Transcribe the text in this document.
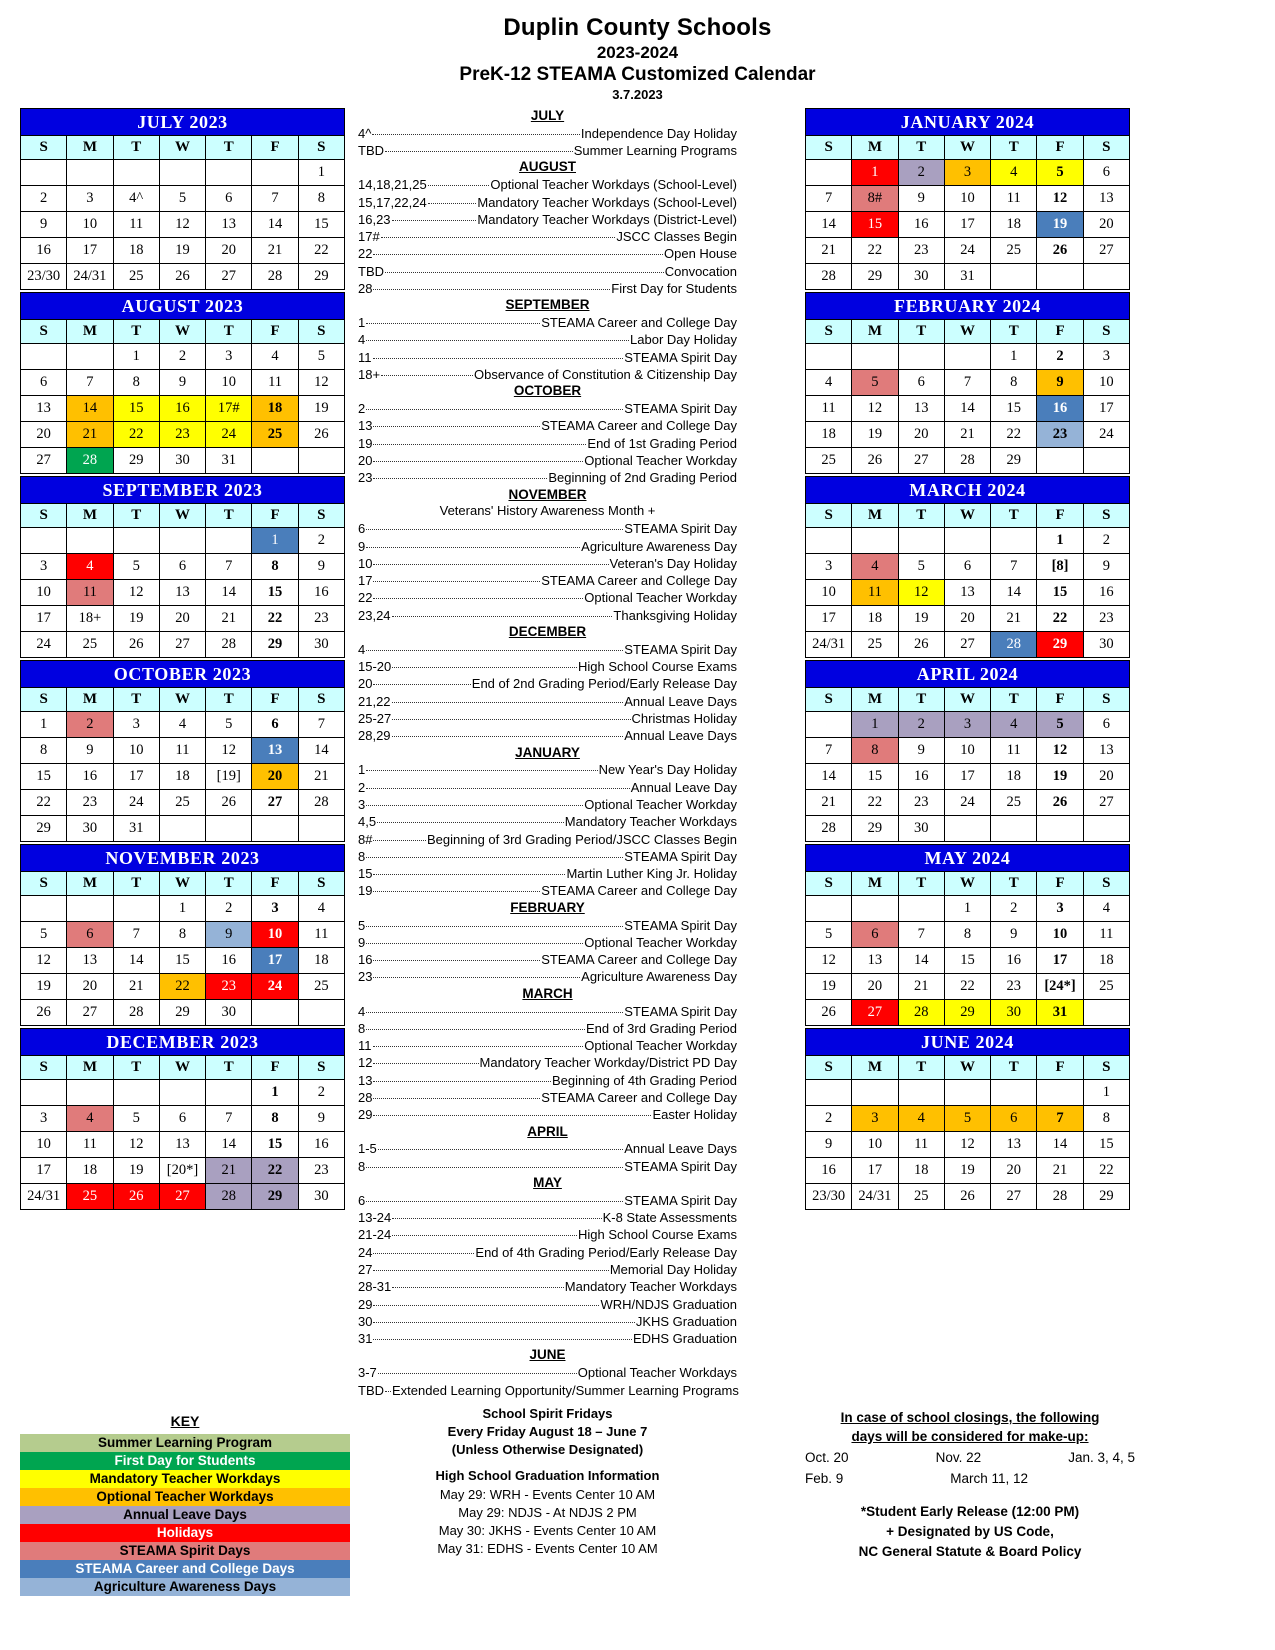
Duplin County Schools
2023-2024
PreK-12 STEAMA Customized Calendar
3.7.2023
JULY 2023						
S	M	T	W	T	F	S
						1
2	3	4^	5	6	7	8
9	10	11	12	13	14	15
16	17	18	19	20	21	22
23/30	24/31	25	26	27	28	29
AUGUST 2023						
S	M	T	W	T	F	S
		1	2	3	4	5
6	7	8	9	10	11	12
13	14	15	16	17#	18	19
20	21	22	23	24	25	26
27	28	29	30	31		
SEPTEMBER 2023						
S	M	T	W	T	F	S
					1	2
3	4	5	6	7	8	9
10	11	12	13	14	15	16
17	18+	19	20	21	22	23
24	25	26	27	28	29	30
OCTOBER 2023						
S	M	T	W	T	F	S
1	2	3	4	5	6	7
8	9	10	11	12	13	14
15	16	17	18	[19]	20	21
22	23	24	25	26	27	28
29	30	31				
NOVEMBER 2023						
S	M	T	W	T	F	S
			1	2	3	4
5	6	7	8	9	10	11
12	13	14	15	16	17	18
19	20	21	22	23	24	25
26	27	28	29	30		
DECEMBER 2023						
S	M	T	W	T	F	S
					1	2
3	4	5	6	7	8	9
10	11	12	13	14	15	16
17	18	19	[20*]	21	22	23
24/31	25	26	27	28	29	30
JULY
4^	Independence Day Holiday
TBD	Summer Learning Programs
AUGUST
14,18,21,25	Optional Teacher Workdays (School-Level)
15,17,22,24	Mandatory Teacher Workdays (School-Level)
16,23	Mandatory Teacher Workdays (District-Level)
17#	JSCC Classes Begin
22	Open House
TBD	Convocation
28	First Day for Students
SEPTEMBER
1	STEAMA Career and College Day
4	Labor Day Holiday
11	STEAMA Spirit Day
18+	Observance of Constitution & Citizenship Day
OCTOBER
2	STEAMA Spirit Day
13	STEAMA Career and College Day
19	End of 1st Grading Period
20	Optional Teacher Workday
23	Beginning of 2nd Grading Period
NOVEMBER
Veterans' History Awareness Month +
6	STEAMA Spirit Day
9	Agriculture Awareness Day
10	Veteran's Day Holiday
17	STEAMA Career and College Day
22	Optional Teacher Workday
23,24	Thanksgiving Holiday
DECEMBER
4	STEAMA Spirit Day
15-20	High School Course Exams
20	End of 2nd Grading Period/Early Release Day
21,22	Annual Leave Days
25-27	Christmas Holiday
28,29	Annual Leave Days
JANUARY
1	New Year's Day Holiday
2	Annual Leave Day
3	Optional Teacher Workday
4,5	Mandatory Teacher Workdays
8#	Beginning of 3rd Grading Period/JSCC Classes Begin
8	STEAMA Spirit Day
15	Martin Luther King Jr. Holiday
19	STEAMA Career and College Day
FEBRUARY
5	STEAMA Spirit Day
9	Optional Teacher Workday
16	STEAMA Career and College Day
23	Agriculture Awareness Day
MARCH
4	STEAMA Spirit Day
8	End of 3rd Grading Period
11	Optional Teacher Workday
12	Mandatory Teacher Workday/District PD Day
13	Beginning of 4th Grading Period
28	STEAMA Career and College Day
29	Easter Holiday
APRIL
1-5	Annual Leave Days
8	STEAMA Spirit Day
MAY
6	STEAMA Spirit Day
13-24	K-8 State Assessments
21-24	High School Course Exams
24	End of 4th Grading Period/Early Release Day
27	Memorial Day Holiday
28-31	Mandatory Teacher Workdays
29	WRH/NDJS Graduation
30	JKHS Graduation
31	EDHS Graduation
JUNE
3-7	Optional Teacher Workdays
TBD Extended Learning Opportunity/Summer Learning Programs
JANUARY 2024						
S	M	T	W	T	F	S
	1	2	3	4	5	6
7	8#	9	10	11	12	13
14	15	16	17	18	19	20
21	22	23	24	25	26	27
28	29	30	31			
FEBRUARY 2024						
S	M	T	W	T	F	S
				1	2	3
4	5	6	7	8	9	10
11	12	13	14	15	16	17
18	19	20	21	22	23	24
25	26	27	28	29		
MARCH 2024						
S	M	T	W	T	F	S
					1	2
3	4	5	6	7	[8]	9
10	11	12	13	14	15	16
17	18	19	20	21	22	23
24/31	25	26	27	28	29	30
APRIL 2024						
S	M	T	W	T	F	S
	1	2	3	4	5	6
7	8	9	10	11	12	13
14	15	16	17	18	19	20
21	22	23	24	25	26	27
28	29	30				
MAY 2024						
S	M	T	W	T	F	S
			1	2	3	4
5	6	7	8	9	10	11
12	13	14	15	16	17	18
19	20	21	22	23	[24*]	25
26	27	28	29	30	31	
JUNE 2024						
S	M	T	W	T	F	S
						1
2	3	4	5	6	7	8
9	10	11	12	13	14	15
16	17	18	19	20	21	22
23/30	24/31	25	26	27	28	29
KEY
Summer Learning Program
First Day for Students
Mandatory Teacher Workdays
Optional Teacher Workdays
Annual Leave Days
Holidays
STEAMA Spirit Days
STEAMA Career and College Days
Agriculture Awareness Days
School Spirit Fridays
Every Friday August 18 – June 7
(Unless Otherwise Designated)
High School Graduation Information
May 29: WRH - Events Center 10 AM
May 29: NDJS - At NDJS 2 PM
May 30: JKHS - Events Center 10 AM
May 31: EDHS - Events Center 10 AM
In case of school closings, the following
days will be considered for make-up:
Oct. 20	Nov. 22	Jan. 3, 4, 5
Feb. 9	March 11, 12
*Student Early Release (12:00 PM)
+ Designated by US Code,
NC General Statute & Board Policy
